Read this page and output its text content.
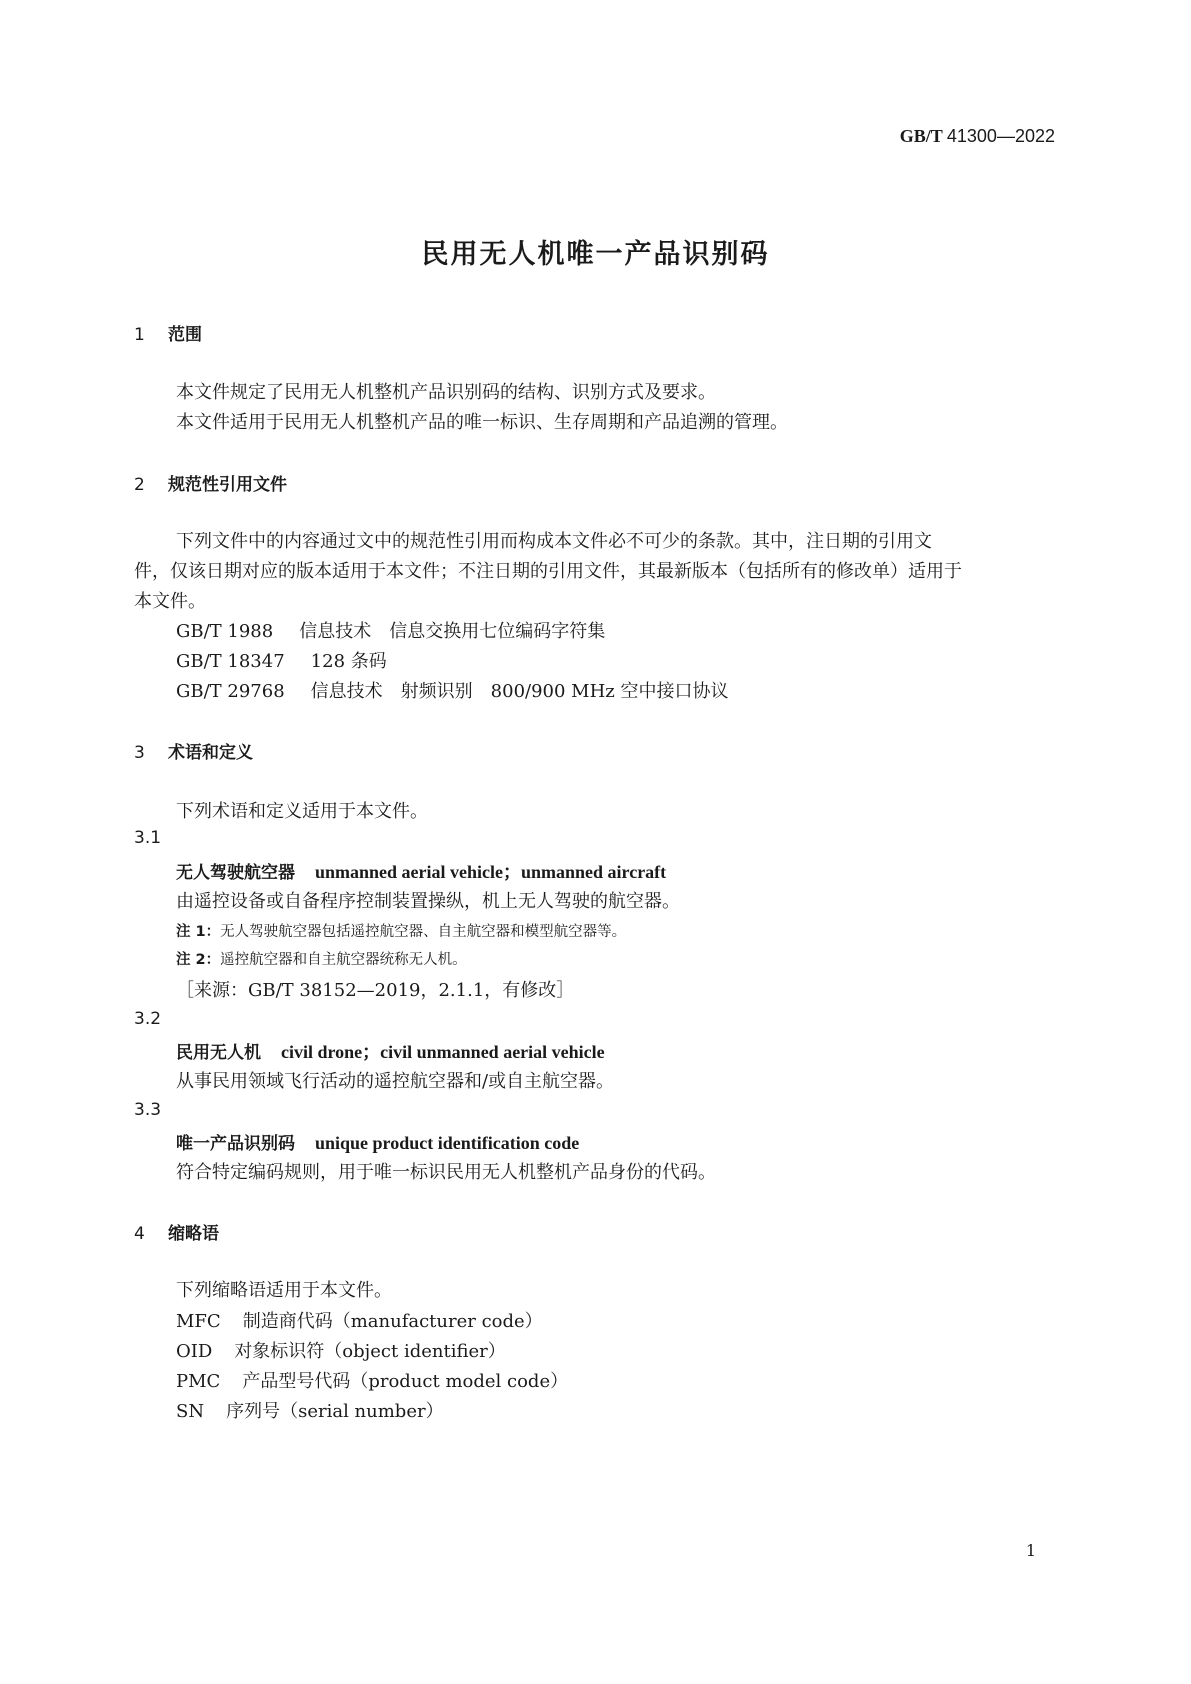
GB/T 41300—2022
民用无人机唯一产品识别码
1 范围
本文件规定了民用无人机整机产品识别码的结构、识别方式及要求。
本文件适用于民用无人机整机产品的唯一标识、生存周期和产品追溯的管理。
2 规范性引用文件
下列文件中的内容通过文中的规范性引用而构成本文件必不可少的条款。其中，注日期的引用文
件，仅该日期对应的版本适用于本文件；不注日期的引用文件，其最新版本（包括所有的修改单）适用于
本文件。
GB/T 1988 信息技术　信息交换用七位编码字符集
GB/T 18347 128 条码
GB/T 29768 信息技术　射频识别　800/900 MHz 空中接口协议
3 术语和定义
下列术语和定义适用于本文件。
3.1
无人驾驶航空器 unmanned aerial vehicle；unmanned aircraft
由遥控设备或自备程序控制装置操纵，机上无人驾驶的航空器。
注 1：无人驾驶航空器包括遥控航空器、自主航空器和模型航空器等。
注 2：遥控航空器和自主航空器统称无人机。
［来源：GB/T 38152—2019，2.1.1，有修改］
3.2
民用无人机 civil drone；civil unmanned aerial vehicle
从事民用领域飞行活动的遥控航空器和/或自主航空器。
3.3
唯一产品识别码 unique product identification code
符合特定编码规则，用于唯一标识民用无人机整机产品身份的代码。
4 缩略语
下列缩略语适用于本文件。
MFC 制造商代码（manufacturer code）
OID 对象标识符（object identifier）
PMC 产品型号代码（product model code）
SN 序列号（serial number）
1
